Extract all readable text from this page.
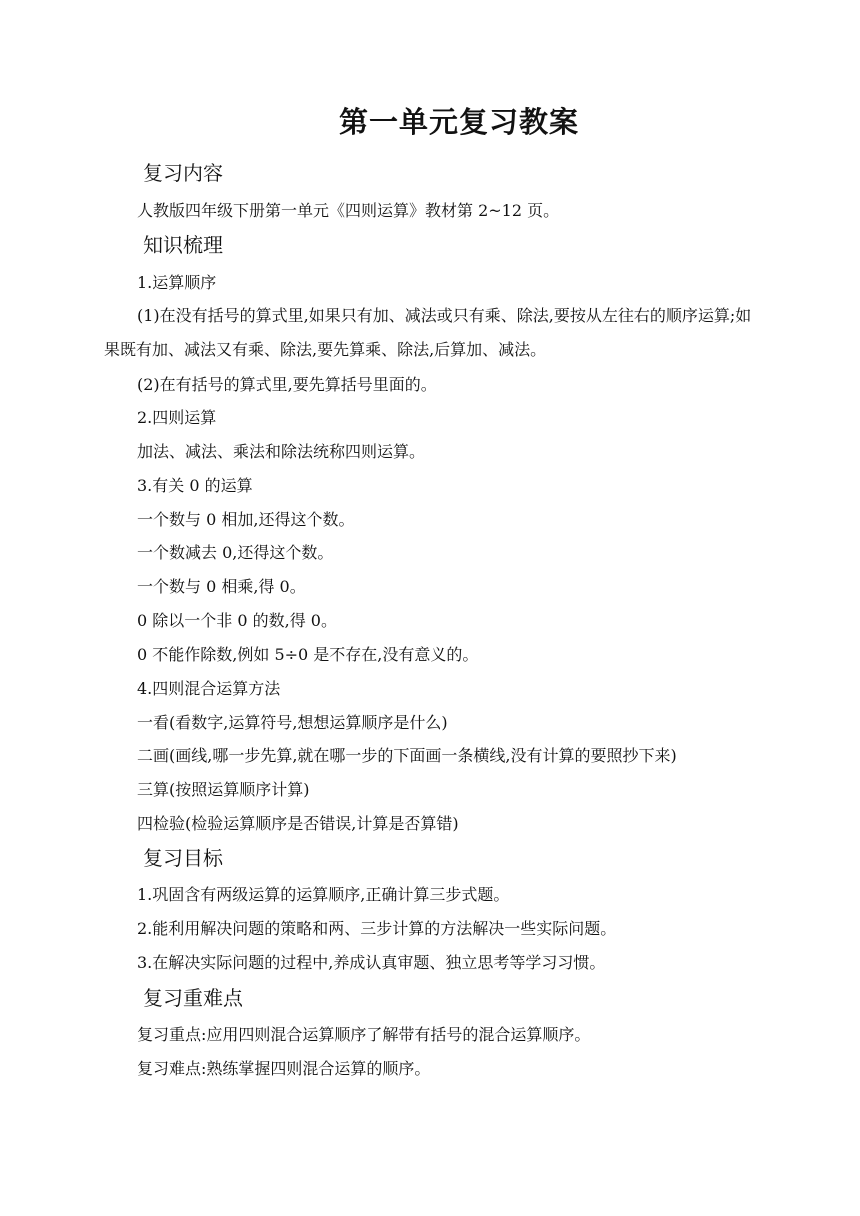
第一单元复习教案
复习内容
人教版四年级下册第一单元《四则运算》教材第 2~12 页。
知识梳理
1.运算顺序
(1)在没有括号的算式里,如果只有加、减法或只有乘、除法,要按从左往右的顺序运算;如果既有加、减法又有乘、除法,要先算乘、除法,后算加、减法。
(2)在有括号的算式里,要先算括号里面的。
2.四则运算
加法、减法、乘法和除法统称四则运算。
3.有关 0 的运算
一个数与 0 相加,还得这个数。
一个数减去 0,还得这个数。
一个数与 0 相乘,得 0。
0 除以一个非 0 的数,得 0。
0 不能作除数,例如 5÷0 是不存在,没有意义的。
4.四则混合运算方法
一看(看数字,运算符号,想想运算顺序是什么)
二画(画线,哪一步先算,就在哪一步的下面画一条横线,没有计算的要照抄下来)
三算(按照运算顺序计算)
四检验(检验运算顺序是否错误,计算是否算错)
复习目标
1.巩固含有两级运算的运算顺序,正确计算三步式题。
2.能利用解决问题的策略和两、三步计算的方法解决一些实际问题。
3.在解决实际问题的过程中,养成认真审题、独立思考等学习习惯。
复习重难点
复习重点:应用四则混合运算顺序了解带有括号的混合运算顺序。
复习难点:熟练掌握四则混合运算的顺序。
